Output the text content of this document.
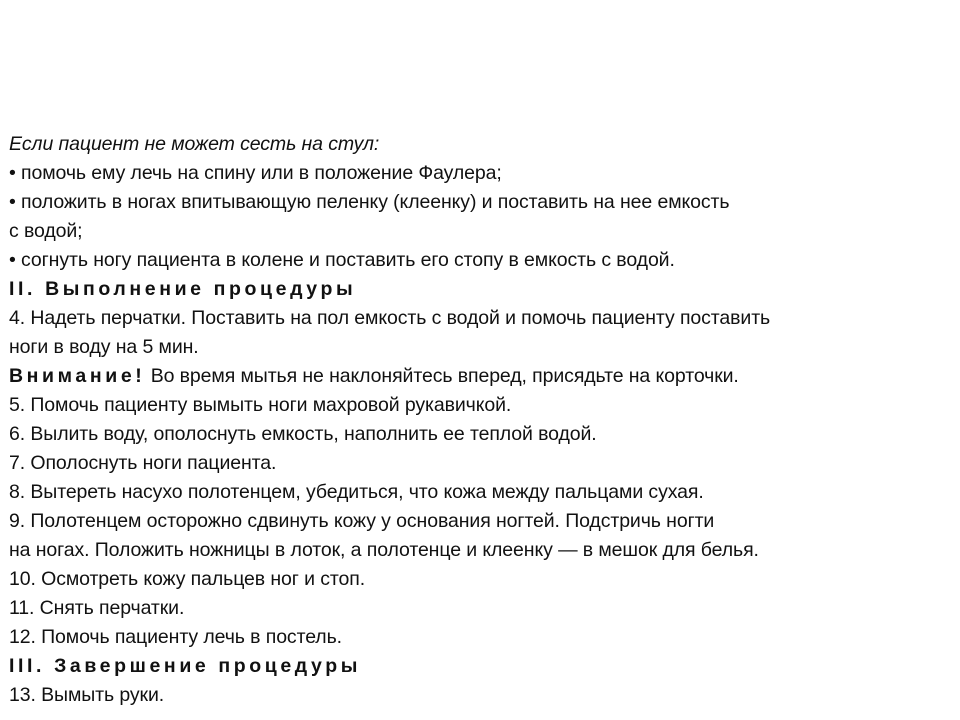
Если пациент не может сесть на стул:
• помочь ему лечь на спину или в положение Фаулера;
• положить в ногах впитывающую пеленку (клеенку) и поставить на нее емкость
с водой;
• согнуть ногу пациента в колене и поставить его стопу в емкость с водой.
II. Выполнение процедуры
4. Надеть перчатки. Поставить на пол емкость с водой и помочь пациенту поставить
ноги в воду на 5 мин.
Внимание! Во время мытья не наклоняйтесь вперед, присядьте на корточки.
5. Помочь пациенту вымыть ноги махровой рукавичкой.
6. Вылить воду, ополоснуть емкость, наполнить ее теплой водой.
7. Ополоснуть ноги пациента.
8. Вытереть насухо полотенцем, убедиться, что кожа между пальцами сухая.
9. Полотенцем осторожно сдвинуть кожу у основания ногтей. Подстричь ногти
на ногах. Положить ножницы в лоток, а полотенце и клеенку — в мешок для белья.
10. Осмотреть кожу пальцев ног и стоп.
11. Снять перчатки.
12. Помочь пациенту лечь в постель.
III. Завершение процедуры
13. Вымыть руки.
